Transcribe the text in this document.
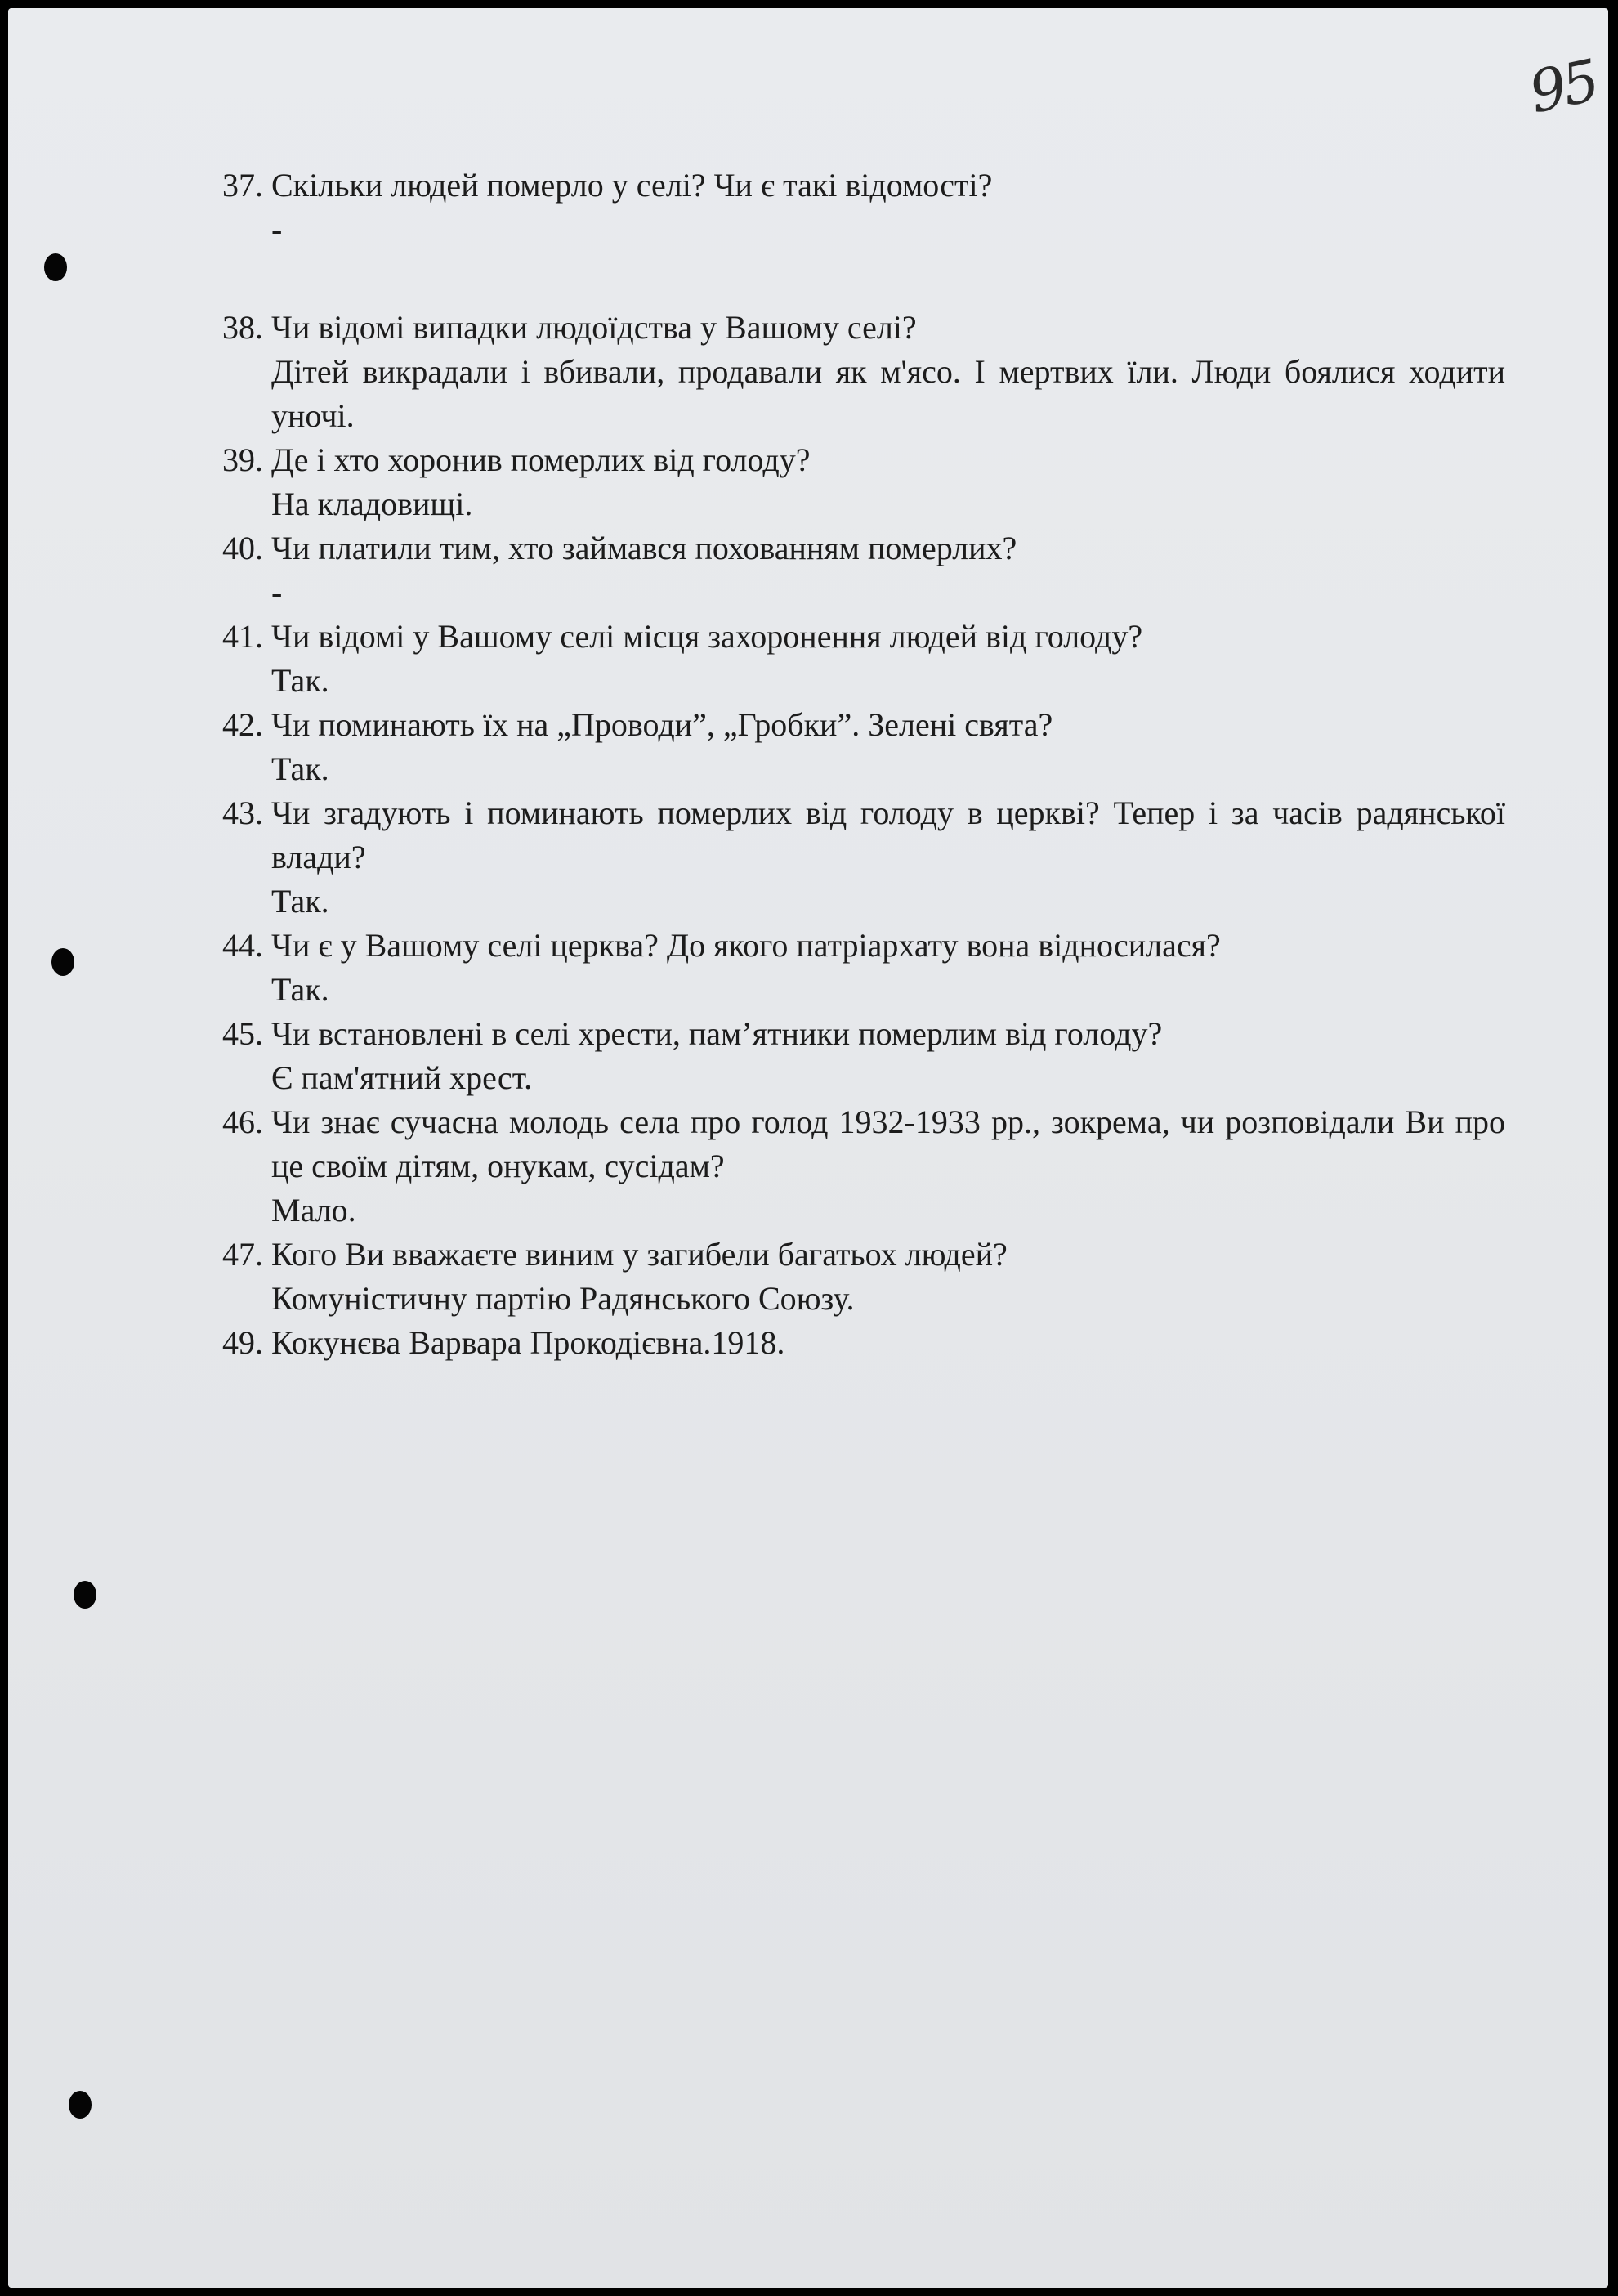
95
37. Скільки людей померло у селі? Чи є такі відомості?
-
38. Чи відомі випадки людоїдства у Вашому селі?
Дітей викрадали і вбивали, продавали як м'ясо. І мертвих їли. Люди боялися ходити уночі.
39. Де і хто хоронив померлих від голоду?
На кладовищі.
40. Чи платили тим, хто займався похованням померлих?
-
41. Чи відомі у Вашому селі місця захоронення людей від голоду?
Так.
42. Чи поминають їх на „Проводи”, „Гробки”. Зелені свята?
Так.
43. Чи згадують і поминають померлих від голоду в церкві? Тепер і за часів радянської влади?
Так.
44. Чи є у Вашому селі церква? До якого патріархату вона відносилася?
Так.
45. Чи встановлені в селі хрести, пам’ятники померлим від голоду?
Є пам'ятний хрест.
46. Чи знає сучасна молодь села про голод 1932-1933 рр., зокрема, чи розповідали Ви про це своїм дітям, онукам, сусідам?
Мало.
47. Кого Ви вважаєте виним у загибели багатьох людей?
Комуністичну партію Радянського Союзу.
49. Кокунєва Варвара Прокодієвна.1918.
